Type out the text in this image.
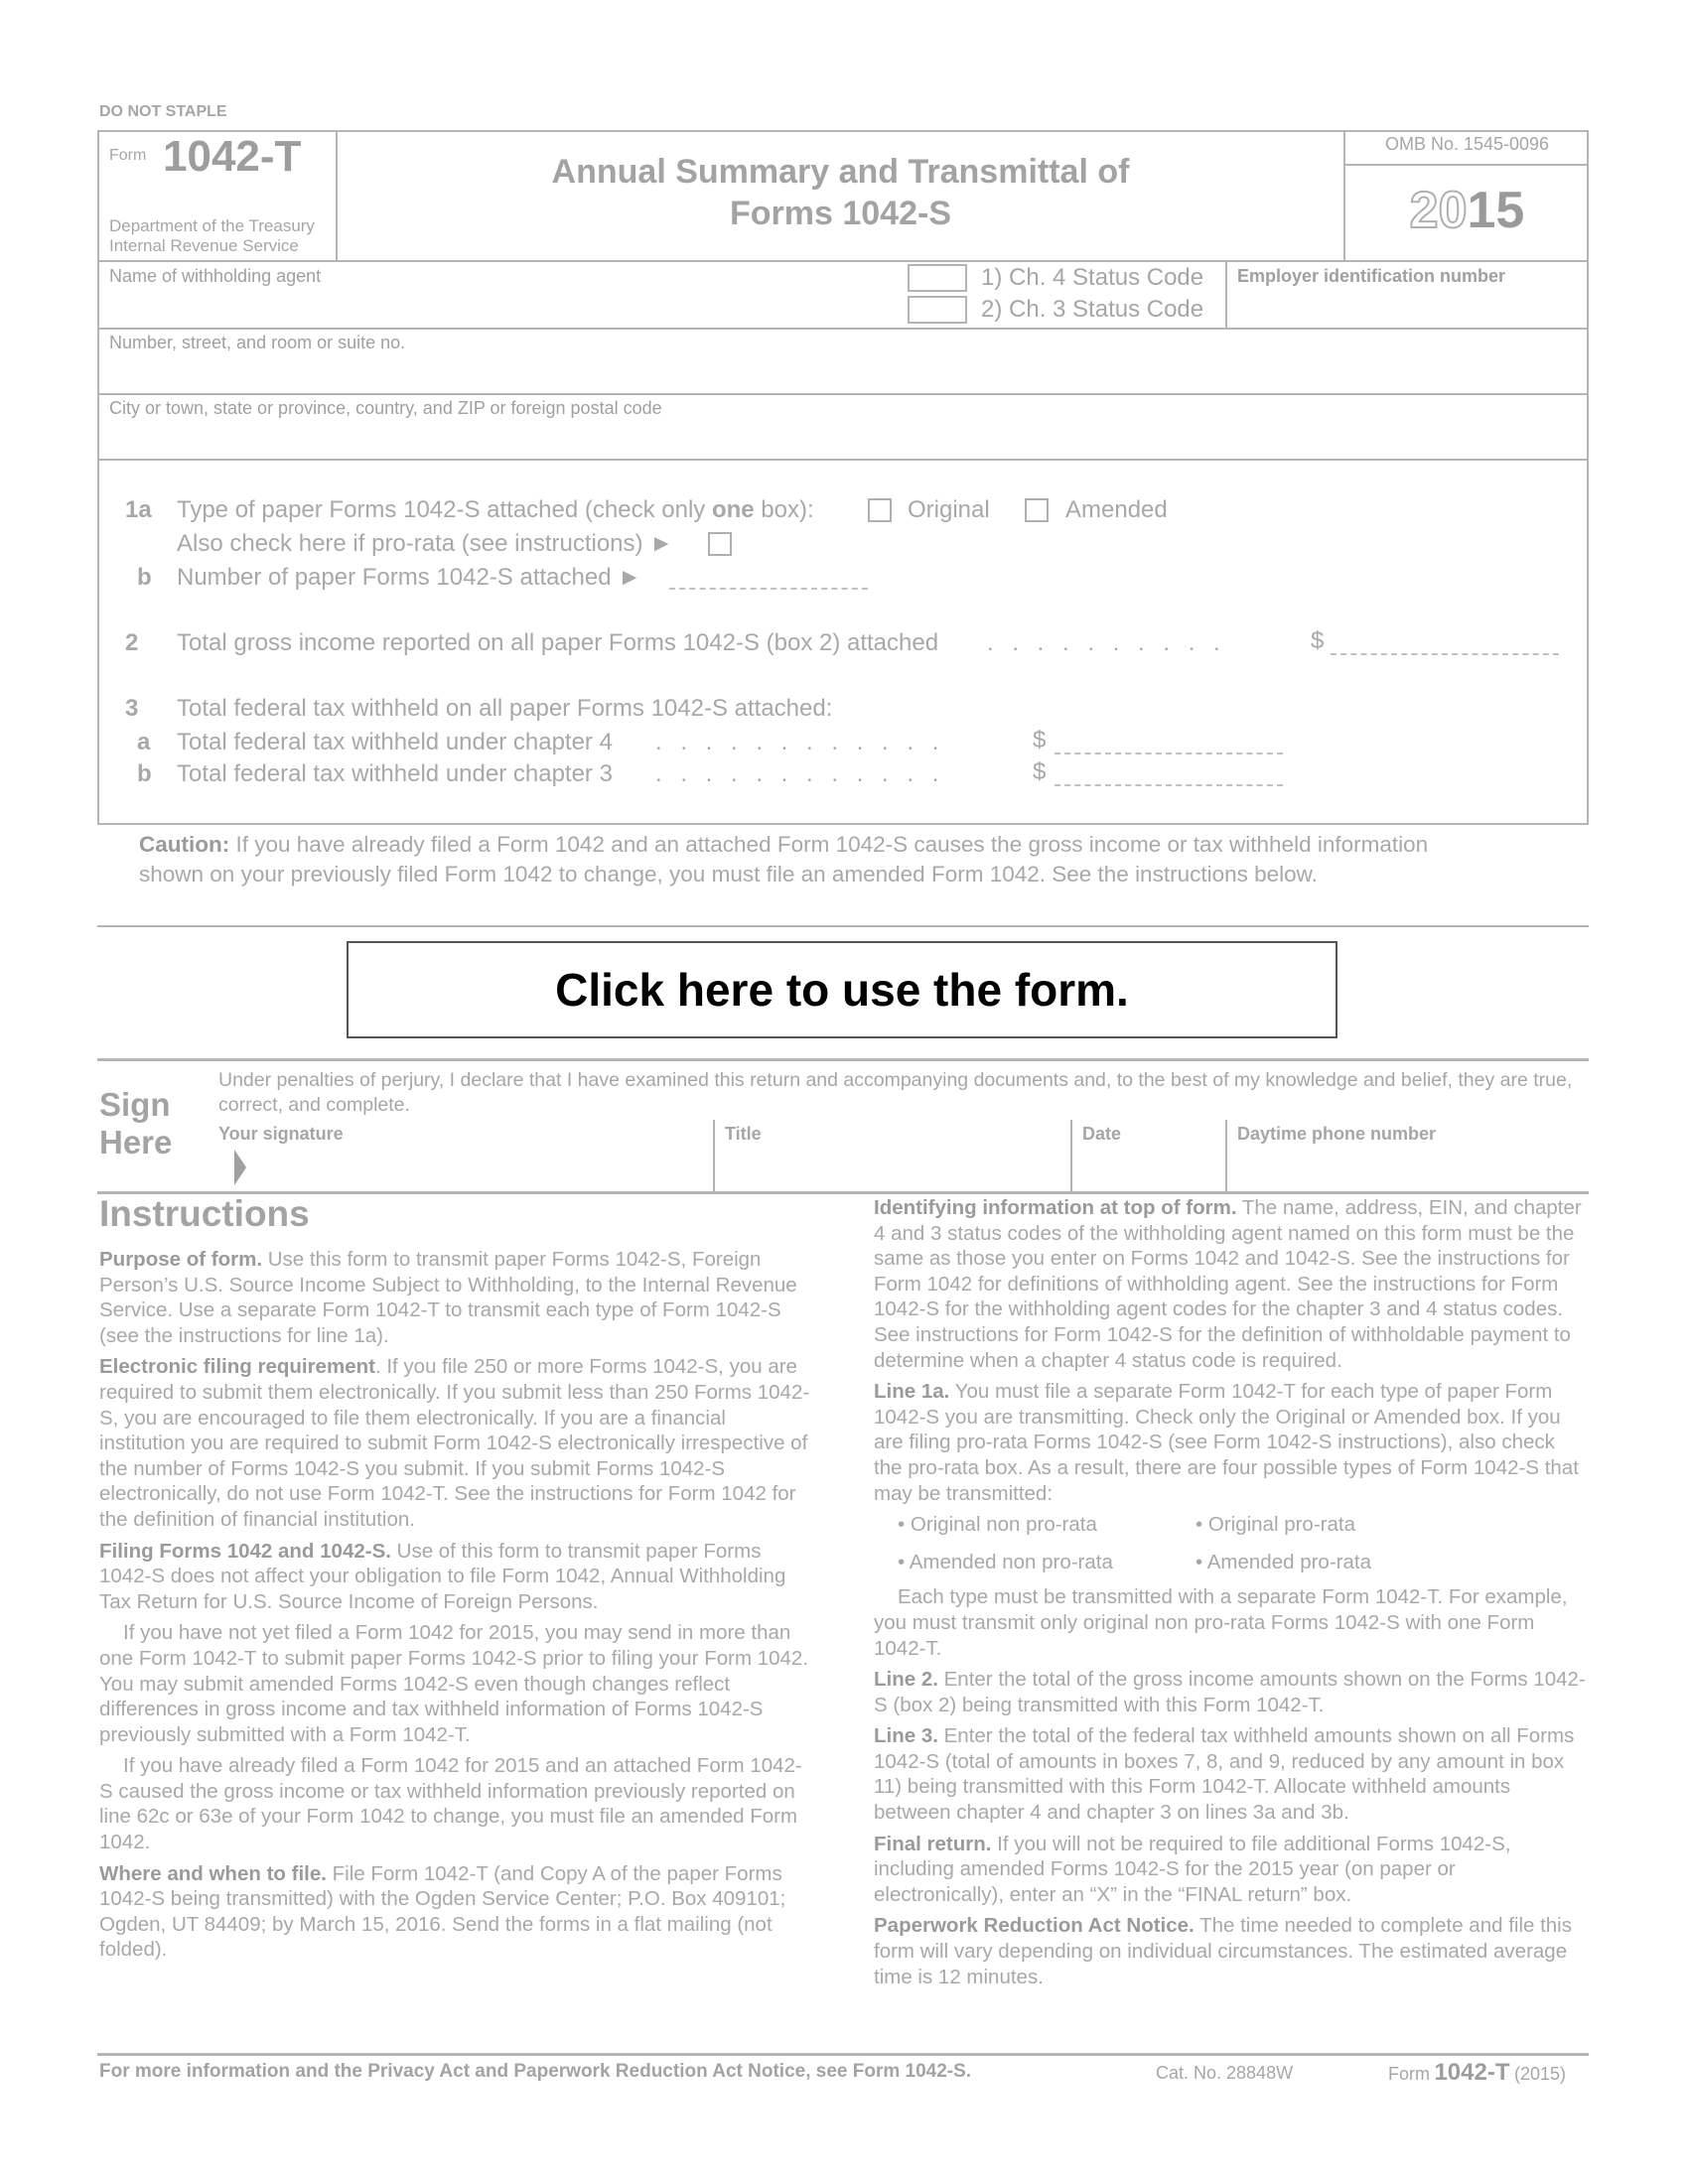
DO NOT STAPLE
Form 1042-T
Department of the Treasury
Internal Revenue Service
Annual Summary and Transmittal of
Forms 1042-S
OMB No. 1545-0096
2015
Name of withholding agent	1) Ch. 4 Status Code
2) Ch. 3 Status Code
Employer identification number
Number, street, and room or suite no.
City or town, state or province, country, and ZIP or foreign postal code
1a Type of paper Forms 1042-S attached (check only one box):	Original	Amended
Also check here if pro-rata (see instructions) ►
b Number of paper Forms 1042-S attached ►
2 Total gross income reported on all paper Forms 1042-S (box 2) attached . . . . . . . . . .	$
3 Total federal tax withheld on all paper Forms 1042-S attached:
a Total federal tax withheld under chapter 4 . . . . . . . . . . . .	$
b Total federal tax withheld under chapter 3 . . . . . . . . . . . .	$
Caution: If you have already filed a Form 1042 and an attached Form 1042-S causes the gross income or tax withheld information shown on your previously filed Form 1042 to change, you must file an amended Form 1042. See the instructions below.
Click here to use the form.
Sign
Here
Under penalties of perjury, I declare that I have examined this return and accompanying documents and, to the best of my knowledge and belief, they are true, correct, and complete.
Your signature	Title	Date	Daytime phone number
Instructions

Purpose of form. Use this form to transmit paper Forms 1042-S, Foreign Person’s U.S. Source Income Subject to Withholding, to the Internal Revenue Service. Use a separate Form 1042-T to transmit each type of Form 1042-S (see the instructions for line 1a).

Electronic filing requirement. If you file 250 or more Forms 1042-S, you are required to submit them electronically. If you submit less than 250 Forms 1042-S, you are encouraged to file them electronically. If you are a financial institution you are required to submit Form 1042-S electronically irrespective of the number of Forms 1042-S you submit. If you submit Forms 1042-S electronically, do not use Form 1042-T. See the instructions for Form 1042 for the definition of financial institution.

Filing Forms 1042 and 1042-S. Use of this form to transmit paper Forms 1042-S does not affect your obligation to file Form 1042, Annual Withholding Tax Return for U.S. Source Income of Foreign Persons.

If you have not yet filed a Form 1042 for 2015, you may send in more than one Form 1042-T to submit paper Forms 1042-S prior to filing your Form 1042. You may submit amended Forms 1042-S even though changes reflect differences in gross income and tax withheld information of Forms 1042-S previously submitted with a Form 1042-T.

If you have already filed a Form 1042 for 2015 and an attached Form 1042-S caused the gross income or tax withheld information previously reported on line 62c or 63e of your Form 1042 to change, you must file an amended Form 1042.

Where and when to file. File Form 1042-T (and Copy A of the paper Forms 1042-S being transmitted) with the Ogden Service Center; P.O. Box 409101; Ogden, UT 84409; by March 15, 2016. Send the forms in a flat mailing (not folded).

Identifying information at top of form. The name, address, EIN, and chapter 4 and 3 status codes of the withholding agent named on this form must be the same as those you enter on Forms 1042 and 1042-S. See the instructions for Form 1042 for definitions of withholding agent. See the instructions for Form 1042-S for the withholding agent codes for the chapter 3 and 4 status codes. See instructions for Form 1042-S for the definition of withholdable payment to determine when a chapter 4 status code is required.

Line 1a. You must file a separate Form 1042-T for each type of paper Form 1042-S you are transmitting. Check only the Original or Amended box. If you are filing pro-rata Forms 1042-S (see Form 1042-S instructions), also check the pro-rata box. As a result, there are four possible types of Form 1042-S that may be transmitted:

• Original non pro-rata	• Original pro-rata
• Amended non pro-rata	• Amended pro-rata

Each type must be transmitted with a separate Form 1042-T. For example, you must transmit only original non pro-rata Forms 1042-S with one Form 1042-T.

Line 2. Enter the total of the gross income amounts shown on the Forms 1042-S (box 2) being transmitted with this Form 1042-T.

Line 3. Enter the total of the federal tax withheld amounts shown on all Forms 1042-S (total of amounts in boxes 7, 8, and 9, reduced by any amount in box 11) being transmitted with this Form 1042-T. Allocate withheld amounts between chapter 4 and chapter 3 on lines 3a and 3b.

Final return. If you will not be required to file additional Forms 1042-S, including amended Forms 1042-S for the 2015 year (on paper or electronically), enter an “X” in the “FINAL return” box.

Paperwork Reduction Act Notice. The time needed to complete and file this form will vary depending on individual circumstances. The estimated average time is 12 minutes.

For more information and the Privacy Act and Paperwork Reduction Act Notice, see Form 1042-S.	Cat. No. 28848W	Form 1042-T (2015)
